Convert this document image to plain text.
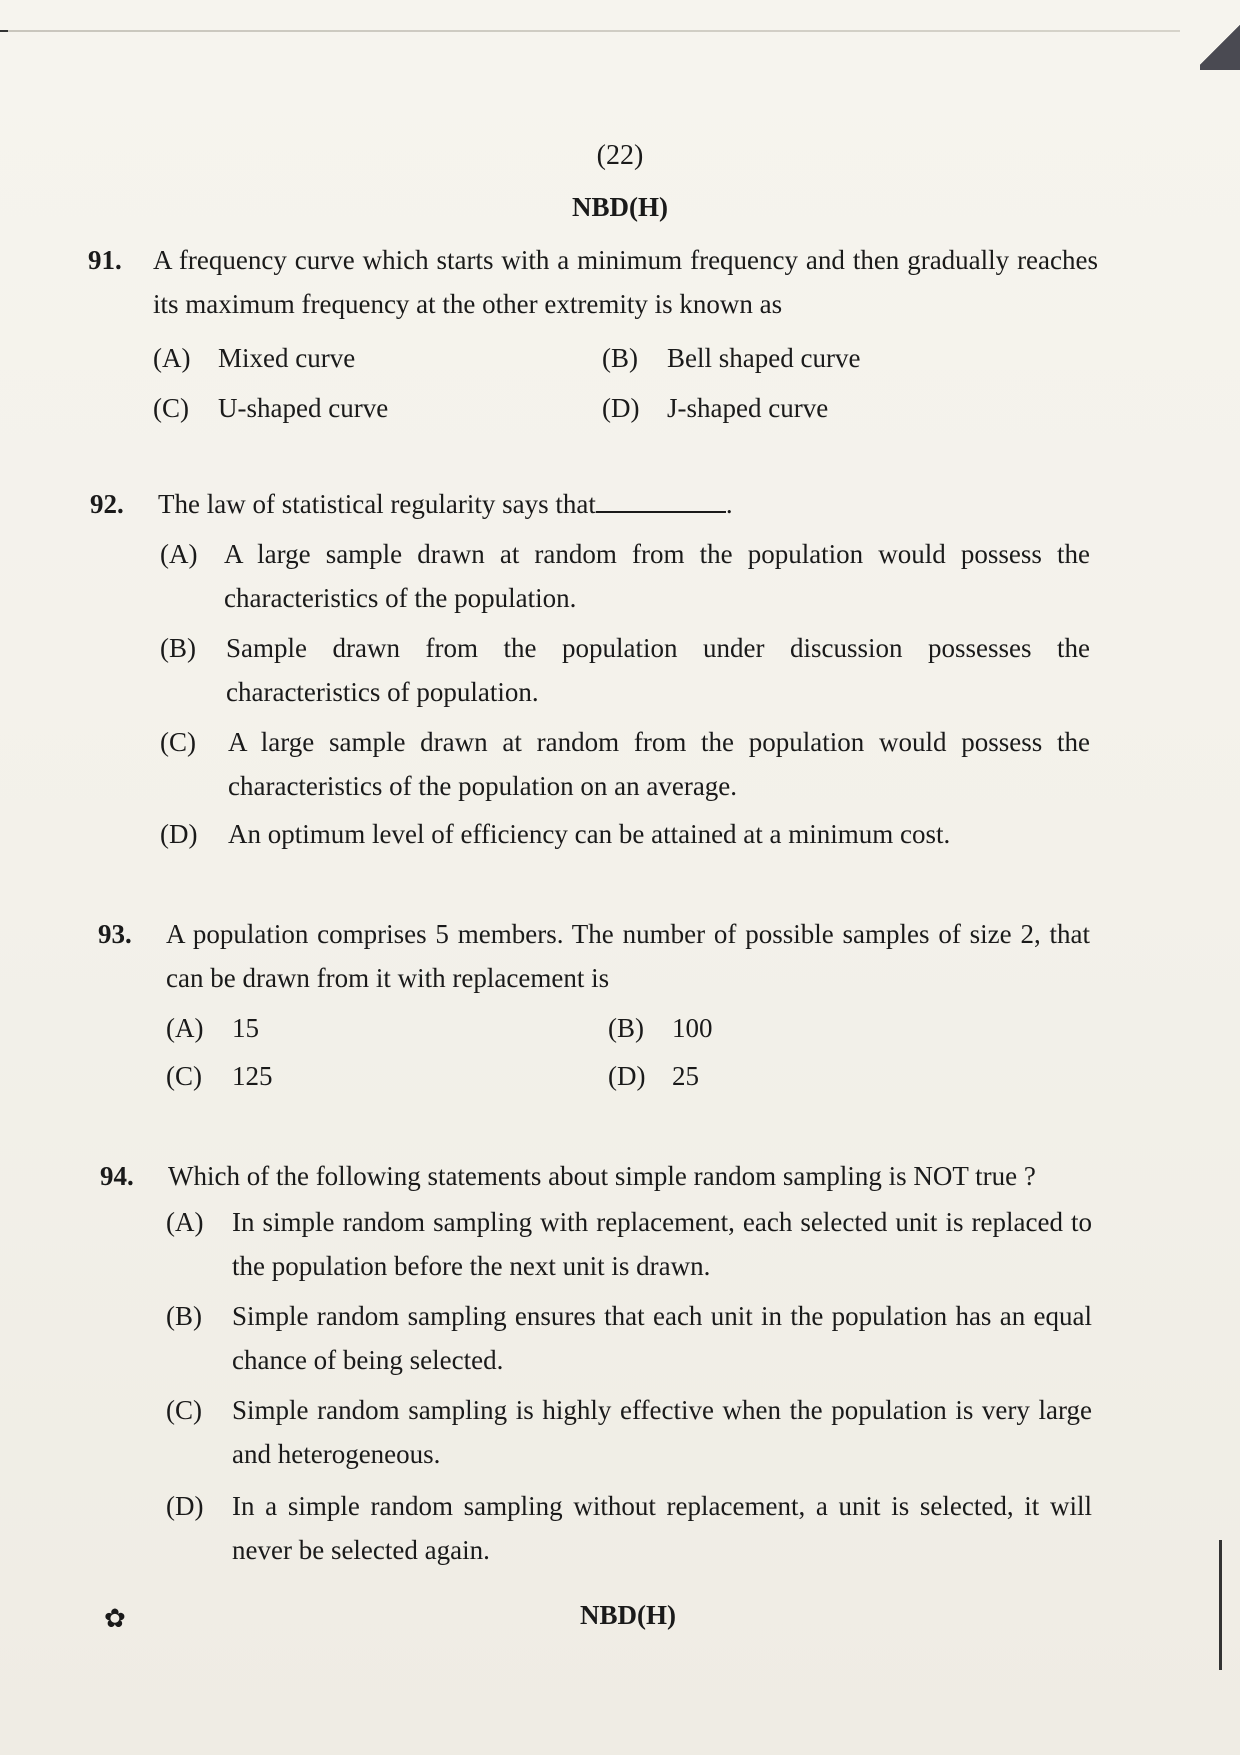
(22)
NBD(H)
91. A frequency curve which starts with a minimum frequency and then gradually reaches its maximum frequency at the other extremity is known as
(A) Mixed curve	(B) Bell shaped curve
(C) U-shaped curve	(D) J-shaped curve
92. The law of statistical regularity says that	.
(A) A large sample drawn at random from the population would possess the characteristics of the population.
(B) Sample drawn from the population under discussion possesses the characteristics of population.
(C) A large sample drawn at random from the population would possess the characteristics of the population on an average.
(D) An optimum level of efficiency can be attained at a minimum cost.
93. A population comprises 5 members. The number of possible samples of size 2, that can be drawn from it with replacement is
(A) 15	(B) 100
(C) 125	(D) 25
94. Which of the following statements about simple random sampling is NOT true ?
(A) In simple random sampling with replacement, each selected unit is replaced to the population before the next unit is drawn.
(B) Simple random sampling ensures that each unit in the population has an equal chance of being selected.
(C) Simple random sampling is highly effective when the population is very large and heterogeneous.
(D) In a simple random sampling without replacement, a unit is selected, it will never be selected again.
✿	NBD(H)
